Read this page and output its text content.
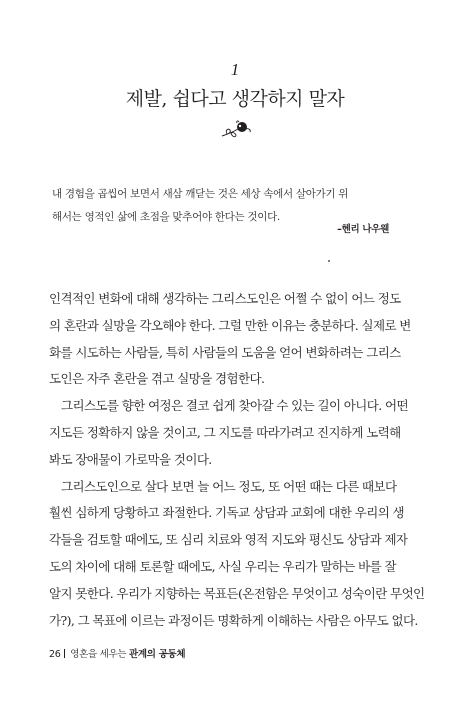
1
제발, 쉽다고 생각하지 말자

내 경험을 곱씹어 보면서 새삼 깨닫는 것은 세상 속에서 살아가기 위

해서는 영적인 삶에 초점을 맞추어야 한다는 것이다.

–헨리 나우웬
인격적인 변화에 대해 생각하는 그리스도인은 어쩔 수 없이 어느 정도
의 혼란과 실망을 각오해야 한다. 그럴 만한 이유는 충분하다. 실제로 변
화를 시도하는 사람들, 특히 사람들의 도움을 얻어 변화하려는 그리스
도인은 자주 혼란을 겪고 실망을 경험한다.
그리스도를 향한 여정은 결코 쉽게 찾아갈 수 있는 길이 아니다. 어떤
지도든 정확하지 않을 것이고, 그 지도를 따라가려고 진지하게 노력해
봐도 장애물이 가로막을 것이다.
그리스도인으로 살다 보면 늘 어느 정도, 또 어떤 때는 다른 때보다
훨씬 심하게 당황하고 좌절한다. 기독교 상담과 교회에 대한 우리의 생
각들을 검토할 때에도, 또 심리 치료와 영적 지도와 평신도 상담과 제자
도의 차이에 대해 토론할 때에도, 사실 우리는 우리가 말하는 바를 잘
알지 못한다. 우리가 지향하는 목표든(온전함은 무엇이고 성숙이란 무엇인
가?), 그 목표에 이르는 과정이든 명확하게 이해하는 사람은 아무도 없다.
26 영혼을 세우는 관계의 공동체
